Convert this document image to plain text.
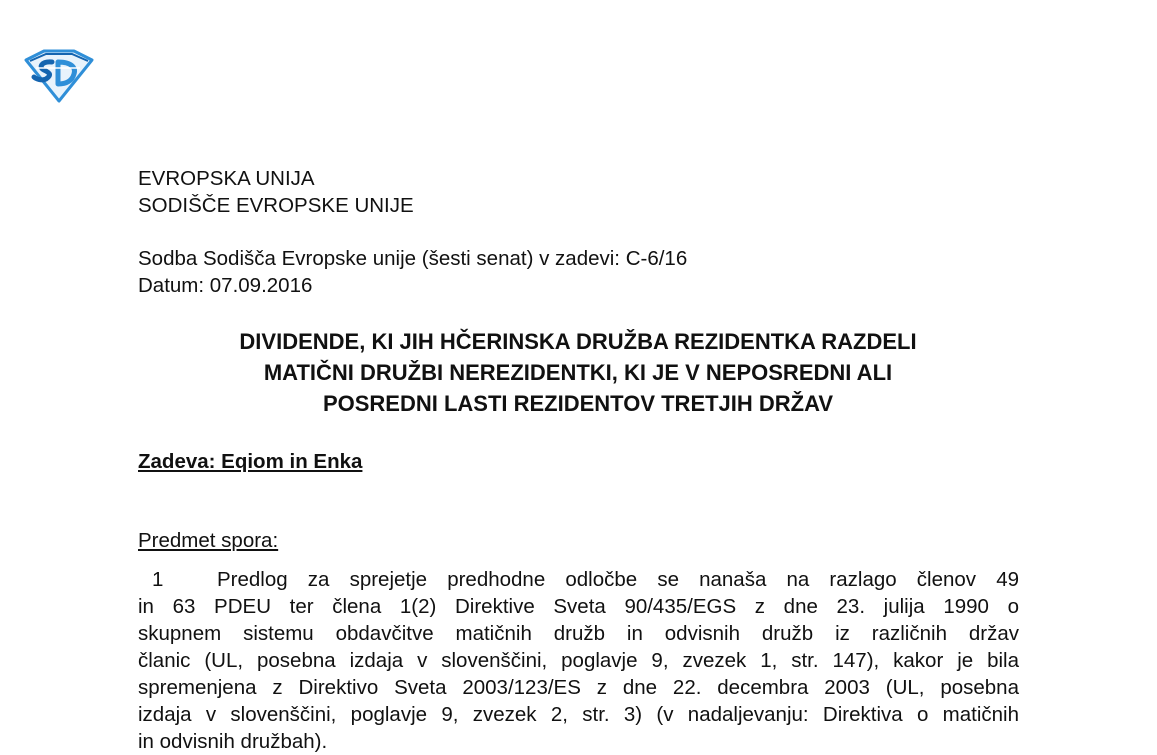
EVROPSKA UNIJA
SODIŠČE EVROPSKE UNIJE
Sodba Sodišča Evropske unije (šesti senat) v zadevi: C-6/16
Datum: 07.09.2016
DIVIDENDE, KI JIH HČERINSKA DRUŽBA REZIDENTKA RAZDELI
MATIČNI DRUŽBI NEREZIDENTKI, KI JE V NEPOSREDNI ALI
POSREDNI LASTI REZIDENTOV TRETJIH DRŽAV
Zadeva: Eqiom in Enka
Predmet spora:
1	Predlog za sprejetje predhodne odločbe se nanaša na razlago členov 49
in 63 PDEU ter člena 1(2) Direktive Sveta 90/435/EGS z dne 23. julija 1990 o
skupnem sistemu obdavčitve matičnih družb in odvisnih družb iz različnih držav
članic (UL, posebna izdaja v slovenščini, poglavje 9, zvezek 1, str. 147), kakor je bila
spremenjena z Direktivo Sveta 2003/123/ES z dne 22. decembra 2003 (UL, posebna
izdaja v slovenščini, poglavje 9, zvezek 2, str. 3) (v nadaljevanju: Direktiva o matičnih
in odvisnih družbah).
